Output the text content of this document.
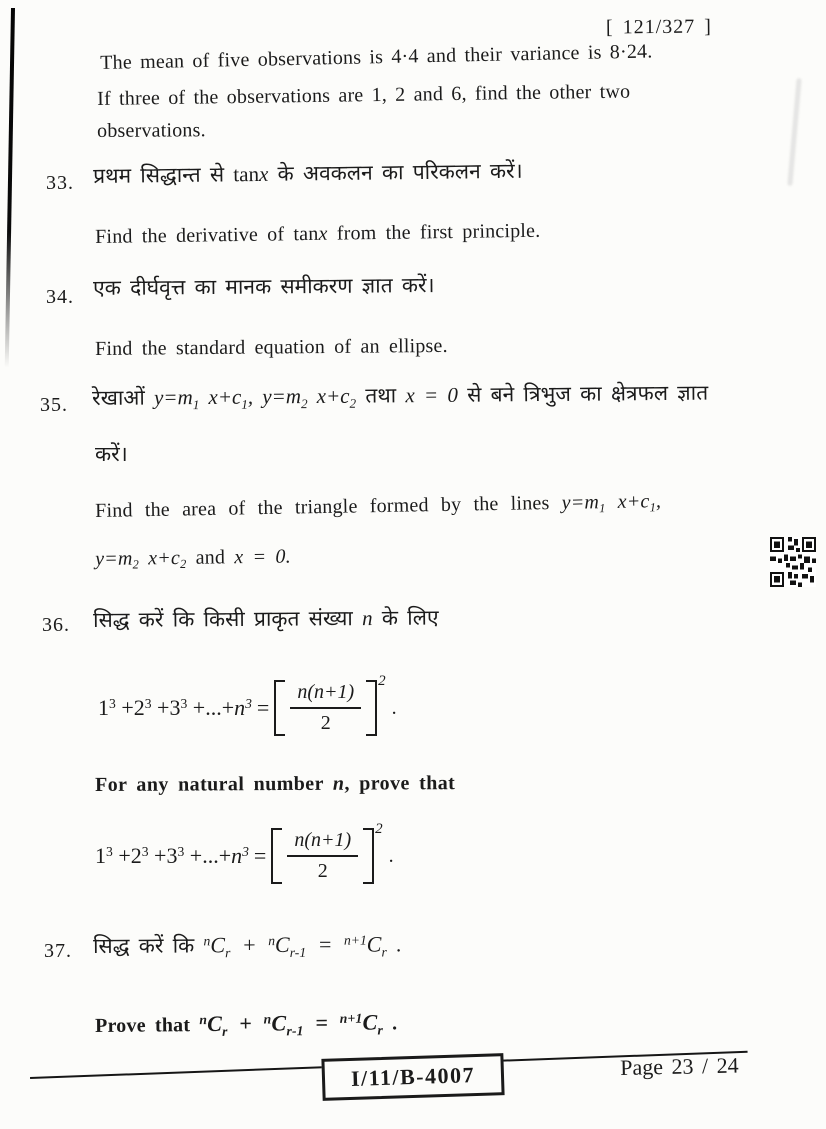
[ 121/327 ]
The mean of five observations is 4·4 and their variance is 8·24.
If three of the observations are 1, 2 and 6, find the other two
observations.
33. प्रथम सिद्धान्त से tanx के अवकलन का परिकलन करें।
Find the derivative of tanx from the first principle.
34. एक दीर्घवृत्त का मानक समीकरण ज्ञात करें।
Find the standard equation of an ellipse.
35. रेखाओं $y=m_1$ $x+c_1$, $y=m_2$ $x+c_2$ तथा x = 0 से बने त्रिभुज का क्षेत्रफल ज्ञात
करें।
Find the area of the triangle formed by the lines $y=m_1$ $x+c_1$,
$y=m_2$ $x+c_2$ and x = 0.
36. सिद्ध करें कि किसी प्राकृत संख्या n के लिए
$1^3 +2^3 +3^3$ +...+ $n^3 = \frac{n(n+1)}{2} 2$
.
For any natural number n, prove that
$1^3 +2^3 +3^3$ +...+ $n^3 = \frac{n(n+1)}{2} 2$
.
37. सिद्ध करें कि $^nC_r + ^nC_{r-1} = ^{n+1}C_r$ .
Prove that $^nC_r + ^nC_{r-1} = ^{n+1}C_r$ .
I/11/B-4007	Page 23 / 24
